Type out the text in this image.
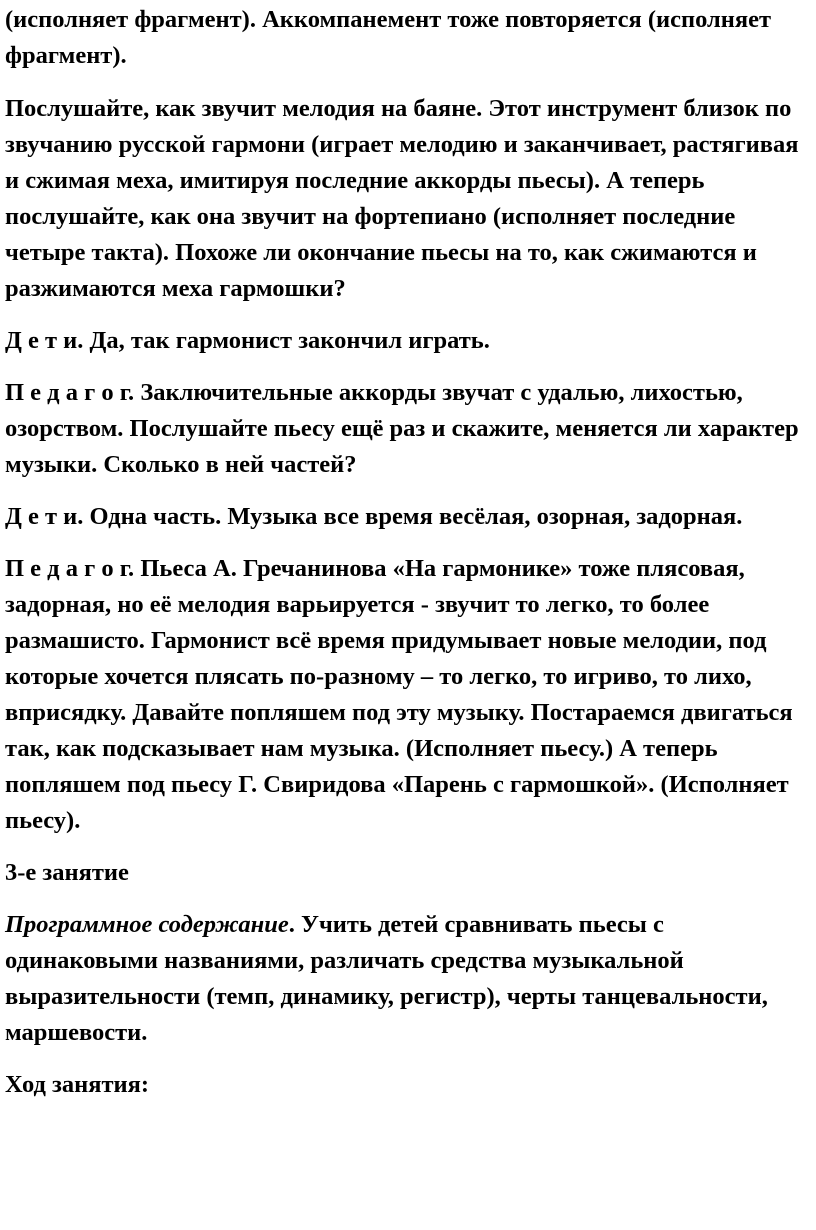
(исполняет фрагмент). Аккомпанемент тоже повторяется (исполняет фрагмент).

Послушайте, как звучит мелодия на баяне. Этот инструмент близок по звучанию русской гармони (играет мелодию и заканчивает, растягивая и сжимая меха, имитируя последние аккорды пьесы). А теперь послушайте, как она звучит на фортепиано (исполняет последние четыре такта). Похоже ли окончание пьесы на то, как сжимаются и разжимаются меха гармошки?

Д е т и. Да, так гармонист закончил играть.

П е д а г о г. Заключительные аккорды звучат с удалью, лихостью, озорством. Послушайте пьесу ещё раз и скажите, меняется ли характер музыки. Сколько в ней частей?

Д е т и. Одна часть. Музыка все время весёлая, озорная, задорная.

П е д а г о г. Пьеса А. Гречанинова «На гармонике» тоже плясовая, задорная, но её мелодия варьируется - звучит то легко, то более размашисто. Гармонист всё время придумывает новые мелодии, под которые хочется плясать по-разному – то легко, то игриво, то лихо, вприсядку. Давайте попляшем под эту музыку. Постараемся двигаться так, как подсказывает нам музыка. (Исполняет пьесу.) А теперь попляшем под пьесу Г. Свиридова «Парень с гармошкой». (Исполняет пьесу).

3-е занятие

Программное содержание. Учить детей сравнивать пьесы с одинаковыми названиями, различать средства музыкальной выразительности (темп, динамику, регистр), черты танцевальности, маршевости.

Ход занятия:
